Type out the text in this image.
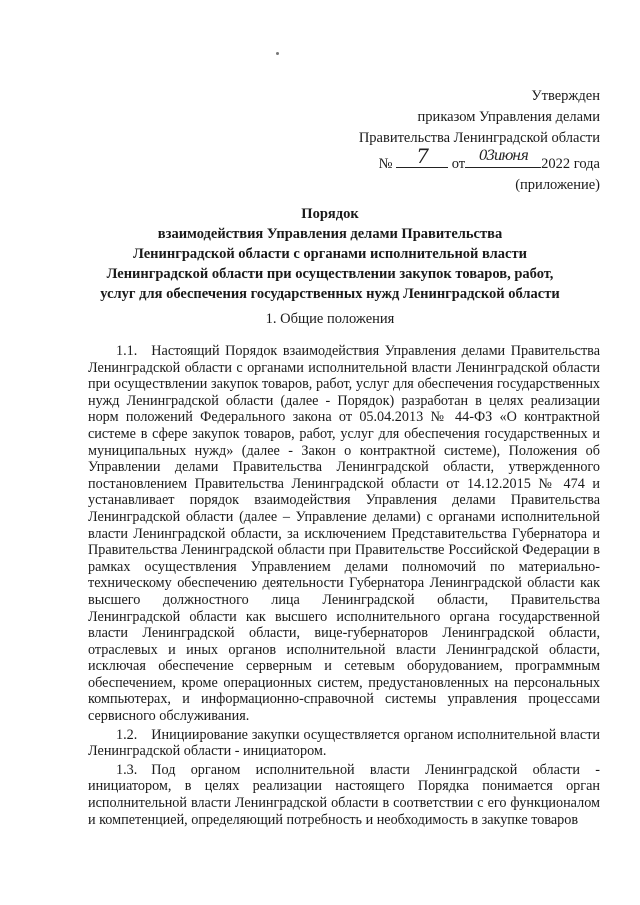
Утвержден
приказом Управления делами
Правительства Ленинградской области
№	7	от 03июня 2022 года
(приложение)
Порядок
взаимодействия Управления делами Правительства
Ленинградской области с органами исполнительной власти
Ленинградской области при осуществлении закупок товаров, работ,
услуг для обеспечения государственных нужд Ленинградской области
1. Общие положения

1.1. Настоящий Порядок взаимодействия Управления делами Правительства Ленинградской области с органами исполнительной власти Ленинградской области при осуществлении закупок товаров, работ, услуг для обеспечения государственных нужд Ленинградской области (далее - Порядок) разработан в целях реализации норм положений Федерального закона от 05.04.2013 № 44-ФЗ «О контрактной системе в сфере закупок товаров, работ, услуг для обеспечения государственных и муниципальных нужд» (далее - Закон о контрактной системе), Положения об Управлении делами Правительства Ленинградской области, утвержденного постановлением Правительства Ленинградской области от 14.12.2015 № 474 и устанавливает порядок взаимодействия Управления делами Правительства Ленинградской области (далее – Управление делами) с органами исполнительной власти Ленинградской области, за исключением Представительства Губернатора и Правительства Ленинградской области при Правительстве Российской Федерации в рамках осуществления Управлением делами полномочий по материально-техническому обеспечению деятельности Губернатора Ленинградской области как высшего должностного лица Ленинградской области, Правительства Ленинградской области как высшего исполнительного органа государственной власти Ленинградской области, вице-губернаторов Ленинградской области, отраслевых и иных органов исполнительной власти Ленинградской области, исключая обеспечение серверным и сетевым оборудованием, программным обеспечением, кроме операционных систем, предустановленных на персональных компьютерах, и информационно-справочной системы управления процессами сервисного обслуживания.

1.2. Инициирование закупки осуществляется органом исполнительной власти Ленинградской области - инициатором.

1.3. Под органом исполнительной власти Ленинградской области - инициатором, в целях реализации настоящего Порядка понимается орган исполнительной власти Ленинградской области в соответствии с его функционалом и компетенцией, определяющий потребность и необходимость в закупке товаров
